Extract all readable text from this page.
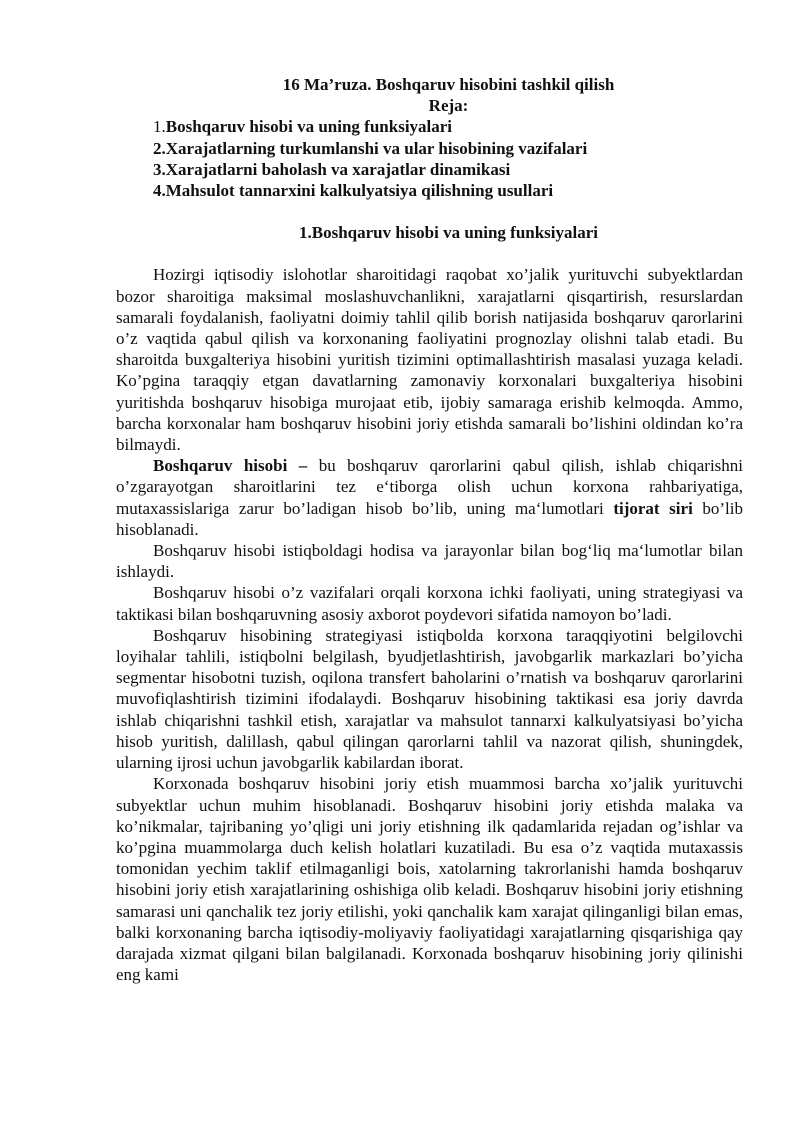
16 Ma’ruza. Boshqaruv hisobini tashkil qilish

Reja:

1.Boshqaruv hisobi va uning funksiyalari
2.Xarajatlarning turkumlanshi va ular hisobining vazifalari
3.Xarajatlarni baholash va xarajatlar dinamikasi
4.Mahsulot tannarxini kalkulyatsiya qilishning usullari

1.Boshqaruv hisobi va uning funksiyalari

Hozirgi iqtisodiy islohotlar sharoitidagi raqobat xo’jalik yurituvchi subyektlardan bozor sharoitiga maksimal moslashuvchanlikni, xarajatlarni qisqartirish, resurslardan samarali foydalanish, faoliyatni doimiy tahlil qilib borish natijasida boshqaruv qarorlarini o’z vaqtida qabul qilish va korxonaning faoliyatini prognozlay olishni talab etadi. Bu sharoitda buxgalteriya hisobini yuritish tizimini optimallashtirish masalasi yuzaga keladi. Ko’pgina taraqqiy etgan davatlarning zamonaviy korxonalari buxgalteriya hisobini yuritishda boshqaruv hisobiga murojaat etib, ijobiy samaraga erishib kelmoqda. Ammo, barcha korxonalar ham boshqaruv hisobini joriy etishda samarali bo’lishini oldindan ko’ra bilmaydi.

Boshqaruv hisobi – bu boshqaruv qarorlarini qabul qilish, ishlab chiqarishni o’zgarayotgan sharoitlarini tez e‘tiborga olish uchun korxona rahbariyatiga, mutaxassislariga zarur bo’ladigan hisob bo’lib, uning ma‘lumotlari tijorat siri bo’lib hisoblanadi.

Boshqaruv hisobi istiqboldagi hodisa va jarayonlar bilan bog‘liq ma‘lumotlar bilan ishlaydi.

Boshqaruv hisobi o’z vazifalari orqali korxona ichki faoliyati, uning strategiyasi va taktikasi bilan boshqaruvning asosiy axborot poydevori sifatida namoyon bo’ladi.

Boshqaruv hisobining strategiyasi istiqbolda korxona taraqqiyotini belgilovchi loyihalar tahlili, istiqbolni belgilash, byudjetlashtirish, javobgarlik markazlari bo’yicha segmentar hisobotni tuzish, oqilona transfert baholarini o’rnatish va boshqaruv qarorlarini muvofiqlashtirish tizimini ifodalaydi. Boshqaruv hisobining taktikasi esa joriy davrda ishlab chiqarishni tashkil etish, xarajatlar va mahsulot tannarxi kalkulyatsiyasi bo’yicha hisob yuritish, dalillash, qabul qilingan qarorlarni tahlil va nazorat qilish, shuningdek, ularning ijrosi uchun javobgarlik kabilardan iborat.

Korxonada boshqaruv hisobini joriy etish muammosi barcha xo’jalik yurituvchi subyektlar uchun muhim hisoblanadi. Boshqaruv hisobini joriy etishda malaka va ko’nikmalar, tajribaning yo’qligi uni joriy etishning ilk qadamlarida rejadan og’ishlar va ko’pgina muammolarga duch kelish holatlari kuzatiladi. Bu esa o’z vaqtida mutaxassis tomonidan yechim taklif etilmaganligi bois, xatolarning takrorlanishi hamda boshqaruv hisobini joriy etish xarajatlarining oshishiga olib keladi. Boshqaruv hisobini joriy etishning samarasi uni qanchalik tez joriy etilishi, yoki qanchalik kam xarajat qilinganligi bilan emas, balki korxonaning barcha iqtisodiy-moliyaviy faoliyatidagi xarajatlarning qisqarishiga qay darajada xizmat qilgani bilan balgilanadi. Korxonada boshqaruv hisobining joriy qilinishi eng kami
